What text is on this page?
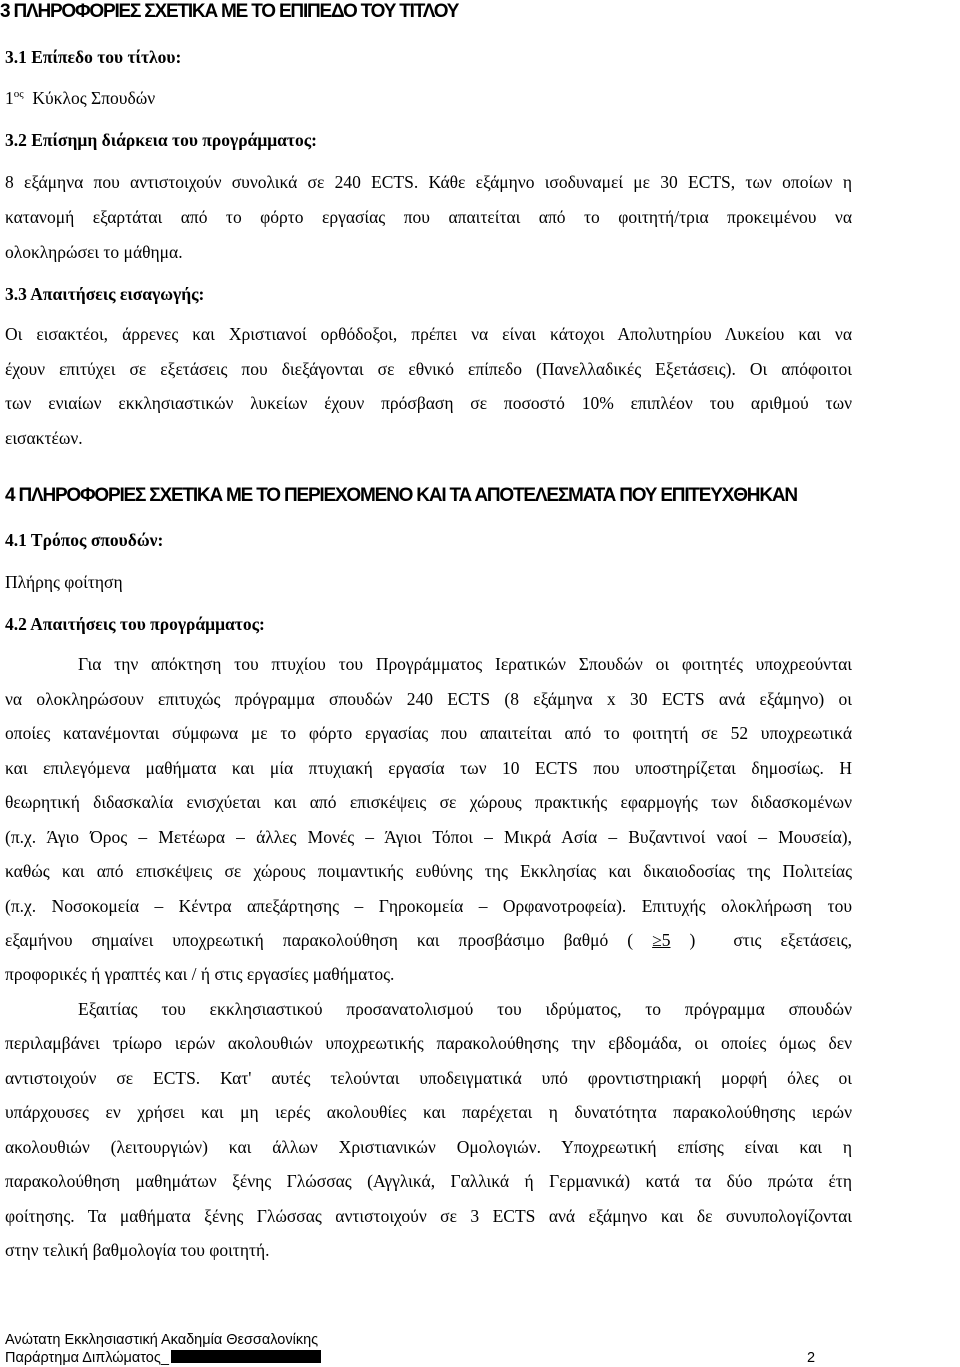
3 ΠΛΗΡΟΦΟΡΙΕΣ ΣΧΕΤΙΚΑ ΜΕ ΤΟ ΕΠΙΠΕΔΟ ΤΟΥ ΤΙΤΛΟΥ
3.1 Επίπεδο του τίτλου:
$1^{o\varsigma}$ Κύκλος Σπουδών
3.2 Επίσημη διάρκεια του προγράμματος:
8 εξάμηνα που αντιστοιχούν συνολικά σε 240 ECTS. Κάθε εξάμηνο ισοδυναμεί με 30 ECTS, των οποίων η
κατανομή εξαρτάται από το φόρτο εργασίας που απαιτείται από το φοιτητή/τρια προκειμένου να
ολοκληρώσει το μάθημα.
3.3 Απαιτήσεις εισαγωγής:
Οι εισακτέοι, άρρενες και Χριστιανοί ορθόδοξοι, πρέπει να είναι κάτοχοι Απολυτηρίου Λυκείου και να
έχουν επιτύχει σε εξετάσεις που διεξάγονται σε εθνικό επίπεδο (Πανελλαδικές Εξετάσεις). Οι απόφοιτοι
των ενιαίων εκκλησιαστικών λυκείων έχουν πρόσβαση σε ποσοστό 10% επιπλέον του αριθμού των
εισακτέων.
4 ΠΛΗΡΟΦΟΡΙΕΣ ΣΧΕΤΙΚΑ ΜΕ ΤΟ ΠΕΡΙΕΧΟΜΕΝΟ ΚΑΙ ΤΑ ΑΠΟΤΕΛΕΣΜΑΤΑ ΠΟΥ ΕΠΙΤΕΥΧΘΗΚΑΝ
4.1 Τρόπος σπουδών:
Πλήρης φοίτηση
4.2 Απαιτήσεις του προγράμματος:
Για την απόκτηση του πτυχίου του Προγράμματος Ιερατικών Σπουδών οι φοιτητές υποχρεούνται
να ολοκληρώσουν επιτυχώς πρόγραμμα σπουδών 240 ECTS (8 εξάμηνα x 30 ECTS ανά εξάμηνο) οι
οποίες κατανέμονται σύμφωνα με το φόρτο εργασίας που απαιτείται από το φοιτητή σε 52 υποχρεωτικά
και επιλεγόμενα μαθήματα και μία πτυχιακή εργασία των 10 ECTS που υποστηρίζεται δημοσίως. Η
θεωρητική διδασκαλία ενισχύεται και από επισκέψεις σε χώρους πρακτικής εφαρμογής των διδασκομένων
(π.χ. Άγιο Όρος – Μετέωρα – άλλες Μονές – Άγιοι Τόποι – Μικρά Ασία – Βυζαντινοί ναοί – Μουσεία),
καθώς και από επισκέψεις σε χώρους ποιμαντικής ευθύνης της Εκκλησίας και δικαιοδοσίας της Πολιτείας
(π.χ. Νοσοκομεία – Κέντρα απεξάρτησης – Γηροκομεία – Ορφανοτροφεία). Επιτυχής ολοκλήρωση του
εξαμήνου σημαίνει υποχρεωτική παρακολούθηση και προσβάσιμο βαθμό ( ≥5 ) στις εξετάσεις,
προφορικές ή γραπτές και / ή στις εργασίες μαθήματος.
Εξαιτίας του εκκλησιαστικού προσανατολισμού του ιδρύματος, το πρόγραμμα σπουδών
περιλαμβάνει τρίωρο ιερών ακολουθιών υποχρεωτικής παρακολούθησης την εβδομάδα, οι οποίες όμως δεν
αντιστοιχούν σε ECTS. Κατ' αυτές τελούνται υποδειγματικά υπό φροντιστηριακή μορφή όλες οι
υπάρχουσες εν χρήσει και μη ιερές ακολουθίες και παρέχεται η δυνατότητα παρακολούθησης ιερών
ακολουθιών (λειτουργιών) και άλλων Χριστιανικών Ομολογιών. Υποχρεωτική επίσης είναι και η
παρακολούθηση μαθημάτων ξένης Γλώσσας (Αγγλικά, Γαλλικά ή Γερμανικά) κατά τα δύο πρώτα έτη
φοίτησης. Τα μαθήματα ξένης Γλώσσας αντιστοιχούν σε 3 ECTS ανά εξάμηνο και δε συνυπολογίζονται
στην τελική βαθμολογία του φοιτητή.
Ανώτατη Εκκλησιαστική Ακαδημία Θεσσαλονίκης
Παράρτημα Διπλώματος_	2
